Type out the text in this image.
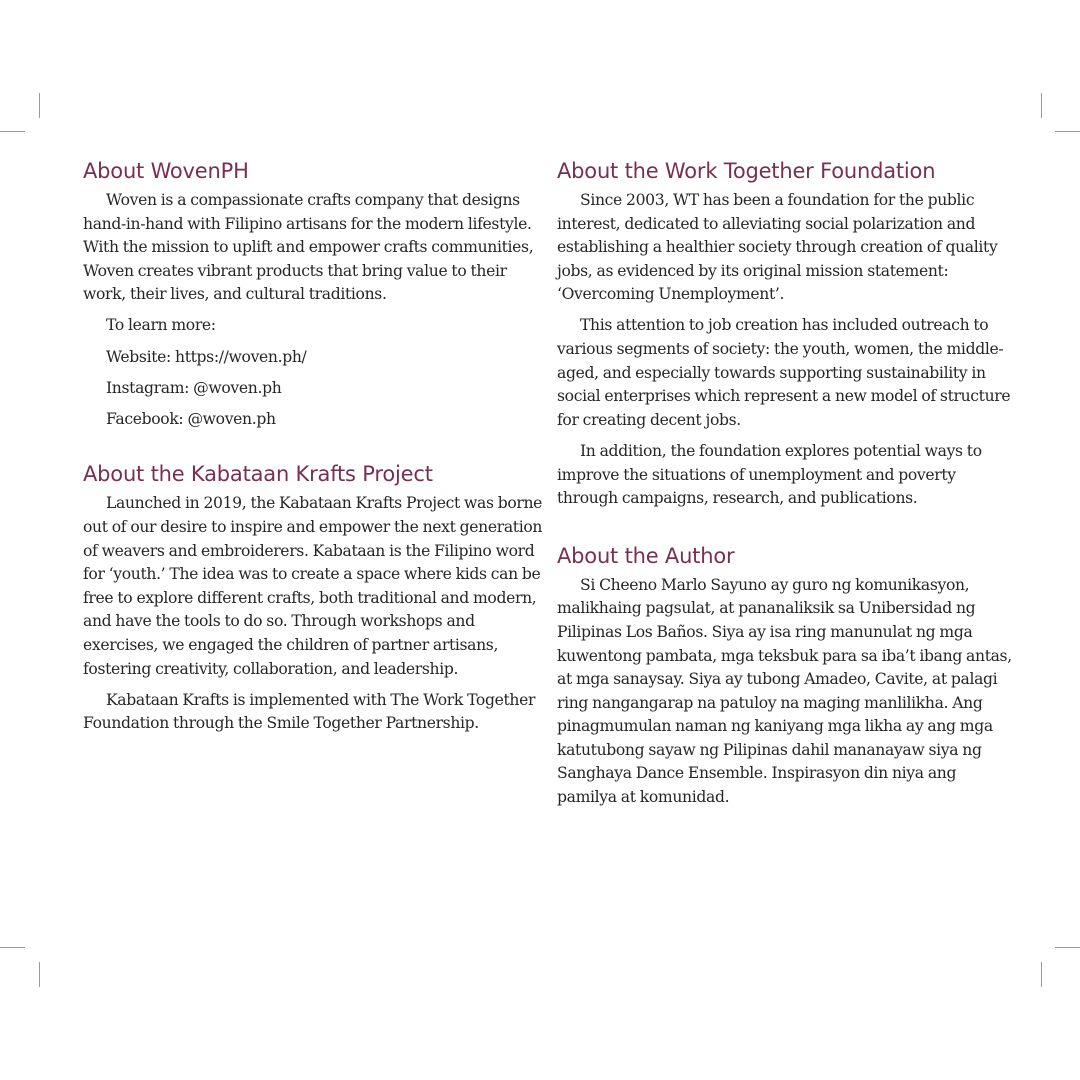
About WovenPH

Woven is a compassionate crafts company that designs hand-in-hand with Filipino artisans for the modern lifestyle. With the mission to uplift and empower crafts communities, Woven creates vibrant products that bring value to their work, their lives, and cultural traditions.

To learn more:

Website: https://woven.ph/

Instagram: @woven.ph

Facebook: @woven.ph

About the Kabataan Krafts Project

Launched in 2019, the Kabataan Krafts Project was borne out of our desire to inspire and empower the next generation of weavers and embroiderers. Kabataan is the Filipino word for ‘youth.’ The idea was to create a space where kids can be free to explore different crafts, both traditional and modern, and have the tools to do so. Through workshops and exercises, we engaged the children of partner artisans, fostering creativity, collaboration, and leadership.

Kabataan Krafts is implemented with The Work Together Foundation through the Smile Together Partnership.

About the Work Together Foundation

Since 2003, WT has been a foundation for the public interest, dedicated to alleviating social polarization and establishing a healthier society through creation of quality jobs, as evidenced by its original mission statement: ‘Overcoming Unemployment’.

This attention to job creation has included outreach to various segments of society: the youth, women, the middle-aged, and especially towards supporting sustainability in social enterprises which represent a new model of structure for creating decent jobs.

In addition, the foundation explores potential ways to improve the situations of unemployment and poverty through campaigns, research, and publications.

About the Author

Si Cheeno Marlo Sayuno ay guro ng komunikasyon, malikhaing pagsulat, at pananaliksik sa Unibersidad ng Pilipinas Los Baños. Siya ay isa ring manunulat ng mga kuwentong pambata, mga teksbuk para sa iba’t ibang antas, at mga sanaysay. Siya ay tubong Amadeo, Cavite, at palagi ring nangangarap na patuloy na maging manlilikha. Ang pinagmumulan naman ng kaniyang mga likha ay ang mga katutubong sayaw ng Pilipinas dahil mananayaw siya ng Sanghaya Dance Ensemble. Inspirasyon din niya ang pamilya at komunidad.
